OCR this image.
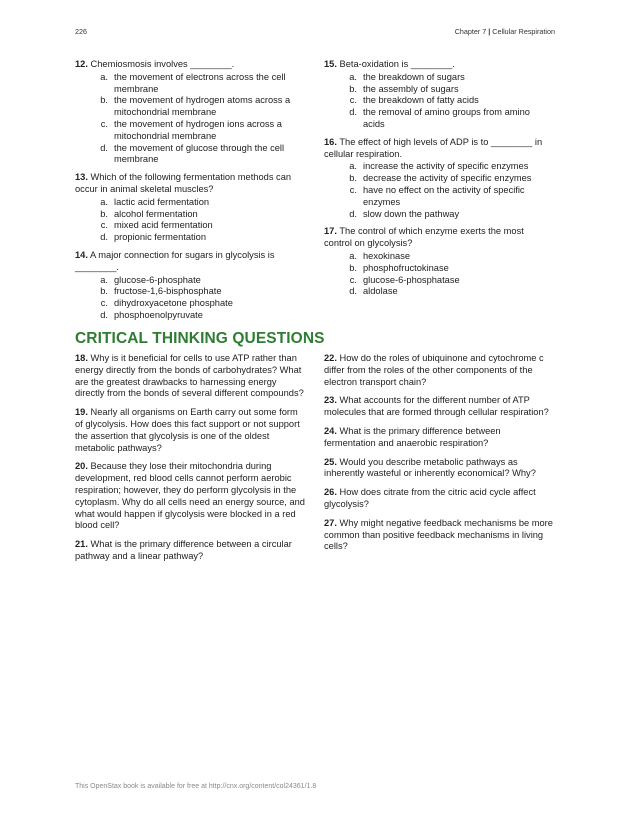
226	Chapter 7 | Cellular Respiration
12. Chemiosmosis involves ________.
a. the movement of electrons across the cell membrane
b. the movement of hydrogen atoms across a mitochondrial membrane
c. the movement of hydrogen ions across a mitochondrial membrane
d. the movement of glucose through the cell membrane
13. Which of the following fermentation methods can occur in animal skeletal muscles?
a. lactic acid fermentation
b. alcohol fermentation
c. mixed acid fermentation
d. propionic fermentation
14. A major connection for sugars in glycolysis is ________.
a. glucose-6-phosphate
b. fructose-1,6-bisphosphate
c. dihydroxyacetone phosphate
d. phosphoenolpyruvate
15. Beta-oxidation is ________.
a. the breakdown of sugars
b. the assembly of sugars
c. the breakdown of fatty acids
d. the removal of amino groups from amino acids
16. The effect of high levels of ADP is to ________ in cellular respiration.
a. increase the activity of specific enzymes
b. decrease the activity of specific enzymes
c. have no effect on the activity of specific enzymes
d. slow down the pathway
17. The control of which enzyme exerts the most control on glycolysis?
a. hexokinase
b. phosphofructokinase
c. glucose-6-phosphatase
d. aldolase
CRITICAL THINKING QUESTIONS
18. Why is it beneficial for cells to use ATP rather than energy directly from the bonds of carbohydrates? What are the greatest drawbacks to harnessing energy directly from the bonds of several different compounds?
19. Nearly all organisms on Earth carry out some form of glycolysis. How does this fact support or not support the assertion that glycolysis is one of the oldest metabolic pathways?
20. Because they lose their mitochondria during development, red blood cells cannot perform aerobic respiration; however, they do perform glycolysis in the cytoplasm. Why do all cells need an energy source, and what would happen if glycolysis were blocked in a red blood cell?
21. What is the primary difference between a circular pathway and a linear pathway?
22. How do the roles of ubiquinone and cytochrome c differ from the roles of the other components of the electron transport chain?
23. What accounts for the different number of ATP molecules that are formed through cellular respiration?
24. What is the primary difference between fermentation and anaerobic respiration?
25. Would you describe metabolic pathways as inherently wasteful or inherently economical? Why?
26. How does citrate from the citric acid cycle affect glycolysis?
27. Why might negative feedback mechanisms be more common than positive feedback mechanisms in living cells?
This OpenStax book is available for free at http://cnx.org/content/col24361/1.8
